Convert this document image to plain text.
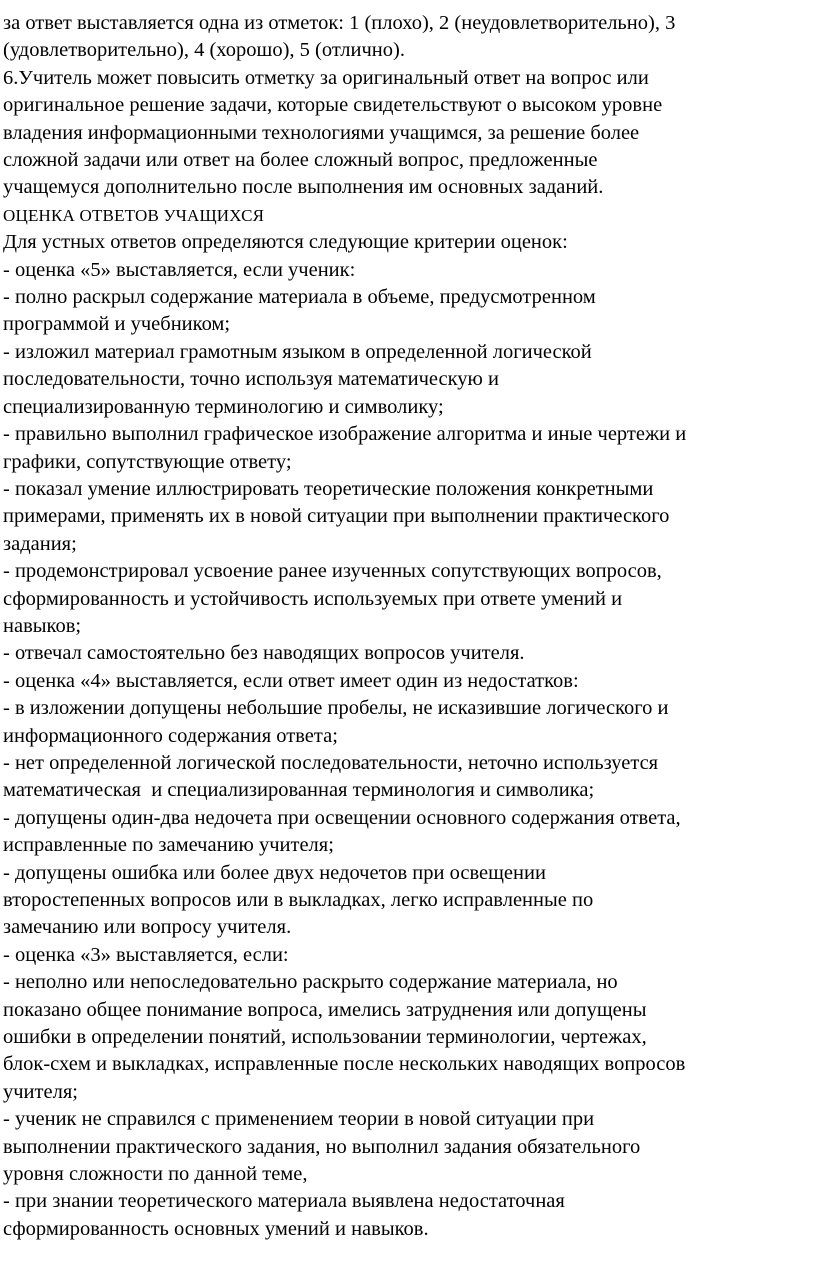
за ответ выставляется одна из отметок: 1 (плохо), 2 (неудовлетворительно), 3
(удовлетворительно), 4 (хорошо), 5 (отлично).

6.Учитель может повысить отметку за оригинальный ответ на вопрос или
оригинальное решение задачи, которые свидетельствуют о высоком уровне
владения информационными технологиями учащимся, за решение более
сложной задачи или ответ на более сложный вопрос, предложенные
учащемуся дополнительно после выполнения им основных заданий.

ОЦЕНКА ОТВЕТОВ УЧАЩИХСЯ

Для устных ответов определяются следующие критерии оценок:

- оценка «5» выставляется, если ученик:

- полно раскрыл содержание материала в объеме, предусмотренном
программой и учебником;

- изложил материал грамотным языком в определенной логической
последовательности, точно используя математическую и
специализированную терминологию и символику;

- правильно выполнил графическое изображение алгоритма и иные чертежи и
графики, сопутствующие ответу;

- показал умение иллюстрировать теоретические положения конкретными
примерами, применять их в новой ситуации при выполнении практического
задания;

- продемонстрировал усвоение ранее изученных сопутствующих вопросов,
сформированность и устойчивость используемых при ответе умений и
навыков;

- отвечал самостоятельно без наводящих вопросов учителя.

- оценка «4» выставляется, если ответ имеет один из недостатков:

- в изложении допущены небольшие пробелы, не исказившие логического и
информационного содержания ответа;

- нет определенной логической последовательности, неточно используется
математическая  и специализированная терминология и символика;

- допущены один-два недочета при освещении основного содержания ответа,
исправленные по замечанию учителя;

- допущены ошибка или более двух недочетов при освещении
второстепенных вопросов или в выкладках, легко исправленные по
замечанию или вопросу учителя.

- оценка «3» выставляется, если:

- неполно или непоследовательно раскрыто содержание материала, но
показано общее понимание вопроса, имелись затруднения или допущены
ошибки в определении понятий, использовании терминологии, чертежах,
блок-схем и выкладках, исправленные после нескольких наводящих вопросов
учителя;

- ученик не справился с применением теории в новой ситуации при
выполнении практического задания, но выполнил задания обязательного
уровня сложности по данной теме,

- при знании теоретического материала выявлена недостаточная
сформированность основных умений и навыков.
